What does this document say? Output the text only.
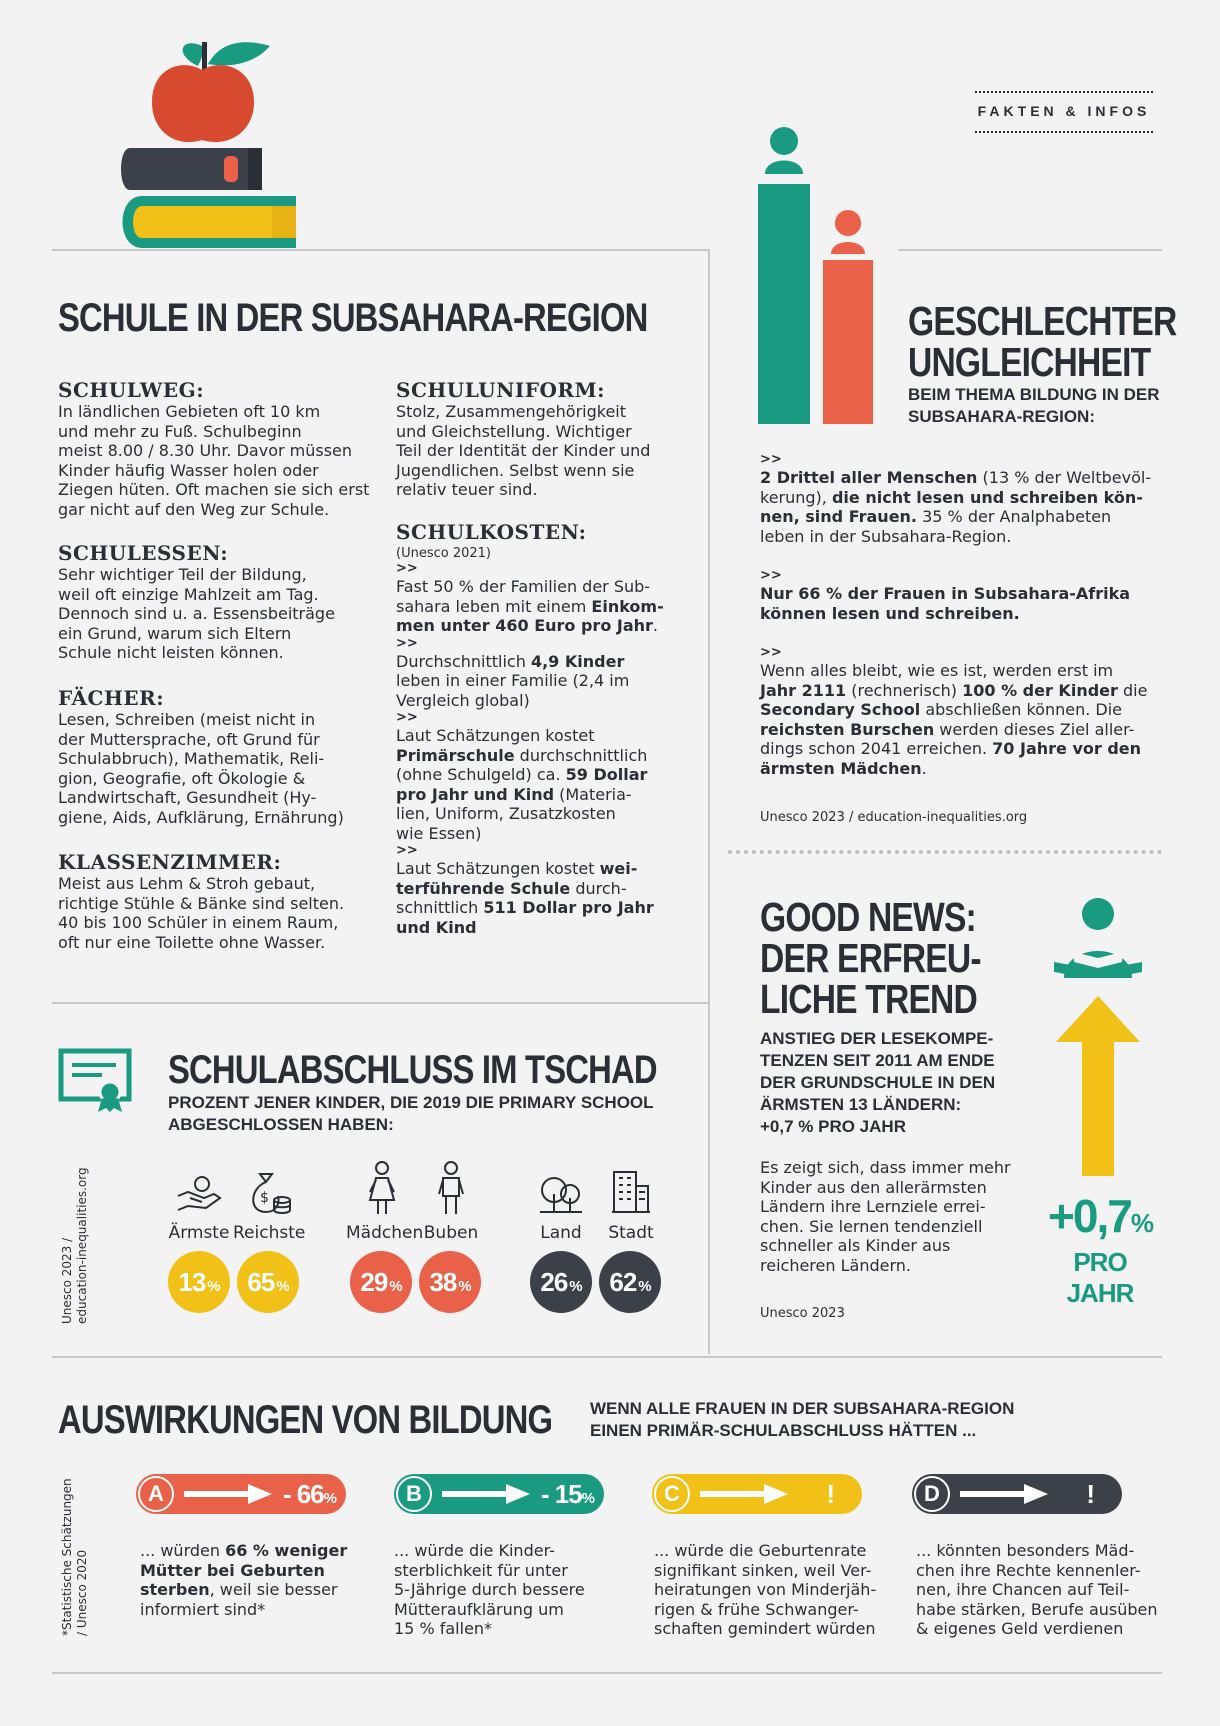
FAKTEN & INFOS
SCHULE IN DER SUBSAHARA-REGION
SCHULWEG:
In ländlichen Gebieten oft 10 km
und mehr zu Fuß. Schulbeginn
meist 8.00 / 8.30 Uhr. Davor müssen
Kinder häufig Wasser holen oder
Ziegen hüten. Oft machen sie sich erst
gar nicht auf den Weg zur Schule.
SCHULESSEN:
Sehr wichtiger Teil der Bildung,
weil oft einzige Mahlzeit am Tag.
Dennoch sind u. a. Essensbeiträge
ein Grund, warum sich Eltern
Schule nicht leisten können.
FÄCHER:
Lesen, Schreiben (meist nicht in
der Muttersprache, oft Grund für
Schulabbruch), Mathematik, Reli-
gion, Geografie, oft Ökologie &
Landwirtschaft, Gesundheit (Hy-
giene, Aids, Aufklärung, Ernährung)
KLASSENZIMMER:
Meist aus Lehm & Stroh gebaut,
richtige Stühle & Bänke sind selten.
40 bis 100 Schüler in einem Raum,
oft nur eine Toilette ohne Wasser.
SCHULUNIFORM:
Stolz, Zusammengehörigkeit
und Gleichstellung. Wichtiger
Teil der Identität der Kinder und
Jugendlichen. Selbst wenn sie
relativ teuer sind.
SCHULKOSTEN:
(Unesco 2021)
>>
Fast 50 % der Familien der Sub-
sahara leben mit einem Einkom-
men unter 460 Euro pro Jahr.
>>
Durchschnittlich 4,9 Kinder
leben in einer Familie (2,4 im
Vergleich global)
>>
Laut Schätzungen kostet
Primärschule durchschnittlich
(ohne Schulgeld) ca. 59 Dollar
pro Jahr und Kind (Materia-
lien, Uniform, Zusatzkosten
wie Essen)
>>
Laut Schätzungen kostet wei-
terführende Schule durch-
schnittlich 511 Dollar pro Jahr
und Kind
GESCHLECHTER
UNGLEICHHEIT
BEIM THEMA BILDUNG IN DER
SUBSAHARA-REGION:
>>
2 Drittel aller Menschen (13 % der Weltbevöl-
kerung), die nicht lesen und schreiben kön-
nen, sind Frauen. 35 % der Analphabeten
leben in der Subsahara-Region.
>>
Nur 66 % der Frauen in Subsahara-Afrika
können lesen und schreiben.
>>
Wenn alles bleibt, wie es ist, werden erst im
Jahr 2111 (rechnerisch) 100 % der Kinder die
Secondary School abschließen können. Die
reichsten Burschen werden dieses Ziel aller-
dings schon 2041 erreichen. 70 Jahre vor den
ärmsten Mädchen.
Unesco 2023 / education-inequalities.org
GOOD NEWS:
DER ERFREU-
LICHE TREND
ANSTIEG DER LESEKOMPE-
TENZEN SEIT 2011 AM ENDE
DER GRUNDSCHULE IN DEN
ÄRMSTEN 13 LÄNDERN:
+0,7 % PRO JAHR
Es zeigt sich, dass immer mehr
Kinder aus den allerärmsten
Ländern ihre Lernziele errei-
chen. Sie lernen tendenziell
schneller als Kinder aus
reicheren Ländern.
Unesco 2023
+0,7%
PRO JAHR
SCHULABSCHLUSS IM TSCHAD
PROZENT JENER KINDER, DIE 2019 DIE PRIMARY SCHOOL
ABGESCHLOSSEN HABEN:
Unesco 2023 / education-inequalities.org	$
Ärmste Reichste Mädchen Buben	Land	Stadt
$13_{\%}$ $65_{\%}$	$29_{\%}$ $38_{\%}$	$26_{\%}$ $62_{\%}$
AUSWIRKUNGEN VON BILDUNG WENN ALLE FRAUEN IN DER SUBSAHARA-REGION
EINEN PRIMÄR-SCHULABSCHLUSS HÄTTEN ...
*Statistische Schätzungen / Unesco 2020
A	- 66%	B	- 15%	C	!	D	!
... würden 66 % weniger
Mütter bei Geburten
sterben, weil sie besser
informiert sind*
... würde die Kinder-
sterblichkeit für unter
5-Jährige durch bessere
Mütteraufklärung um
15 % fallen*
... würde die Geburtenrate
signifikant sinken, weil Ver-
heiratungen von Minderjäh-
rigen & frühe Schwanger-
schaften gemindert würden
... könnten besonders Mäd-
chen ihre Rechte kennenler-
nen, ihre Chancen auf Teil-
habe stärken, Berufe ausüben
& eigenes Geld verdienen
